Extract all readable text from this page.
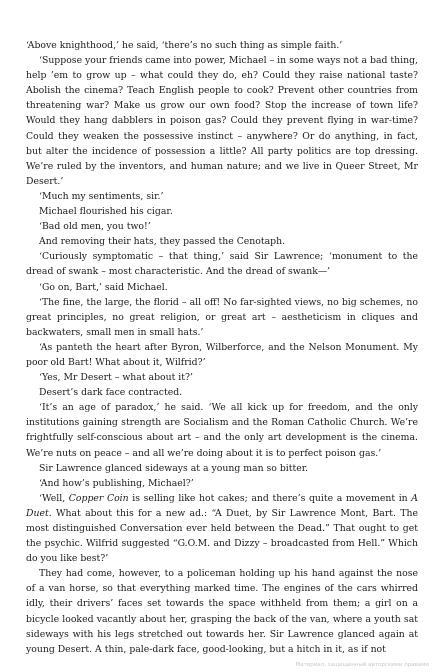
‘Above knighthood,’ he said, ‘there’s no such thing as simple faith.’

‘Suppose your friends came into power, Michael – in some ways not a bad thing, help ’em to grow up – what could they do, eh? Could they raise national taste? Abolish the cinema? Teach English people to cook? Prevent other countries from threatening war? Make us grow our own food? Stop the increase of town life? Would they hang dabblers in poison gas? Could they prevent flying in war-time? Could they weaken the possessive instinct – anywhere? Or do anything, in fact, but alter the incidence of possession a little? All party politics are top dressing. We’re ruled by the inventors, and human nature; and we live in Queer Street, Mr Desert.’

‘Much my sentiments, sir.’

Michael flourished his cigar.

‘Bad old men, you two!’

And removing their hats, they passed the Cenotaph.

‘Curiously symptomatic – that thing,’ said Sir Lawrence; ‘monument to the dread of swank – most characteristic. And the dread of swank—’

‘Go on, Bart,’ said Michael.

‘The fine, the large, the florid – all off! No far-sighted views, no big schemes, no great principles, no great religion, or great art – aestheticism in cliques and backwaters, small men in small hats.’

‘As panteth the heart after Byron, Wilberforce, and the Nelson Monument. My poor old Bart! What about it, Wilfrid?’

‘Yes, Mr Desert – what about it?’

Desert’s dark face contracted.

‘It’s an age of paradox,’ he said. ‘We all kick up for freedom, and the only institutions gaining strength are Socialism and the Roman Catholic Church. We’re frightfully self-conscious about art – and the only art development is the cinema. We’re nuts on peace – and all we’re doing about it is to perfect poison gas.’

Sir Lawrence glanced sideways at a young man so bitter.

‘And how’s publishing, Michael?’

‘Well, Copper Coin is selling like hot cakes; and there’s quite a movement in A Duet. What about this for a new ad.: “A Duet, by Sir Lawrence Mont, Bart. The most distinguished Conversation ever held between the Dead.” That ought to get the psychic. Wilfrid suggested “G.O.M. and Dizzy – broadcasted from Hell.” Which do you like best?’

They had come, however, to a policeman holding up his hand against the nose of a van horse, so that everything marked time. The engines of the cars whirred idly, their drivers’ faces set towards the space withheld from them; a girl on a bicycle looked vacantly about her, grasping the back of the van, where a youth sat sideways with his legs stretched out towards her. Sir Lawrence glanced again at young Desert. A thin, pale-dark face, good-looking, but a hitch in it, as if not

Материал, защищенный авторскими правами
